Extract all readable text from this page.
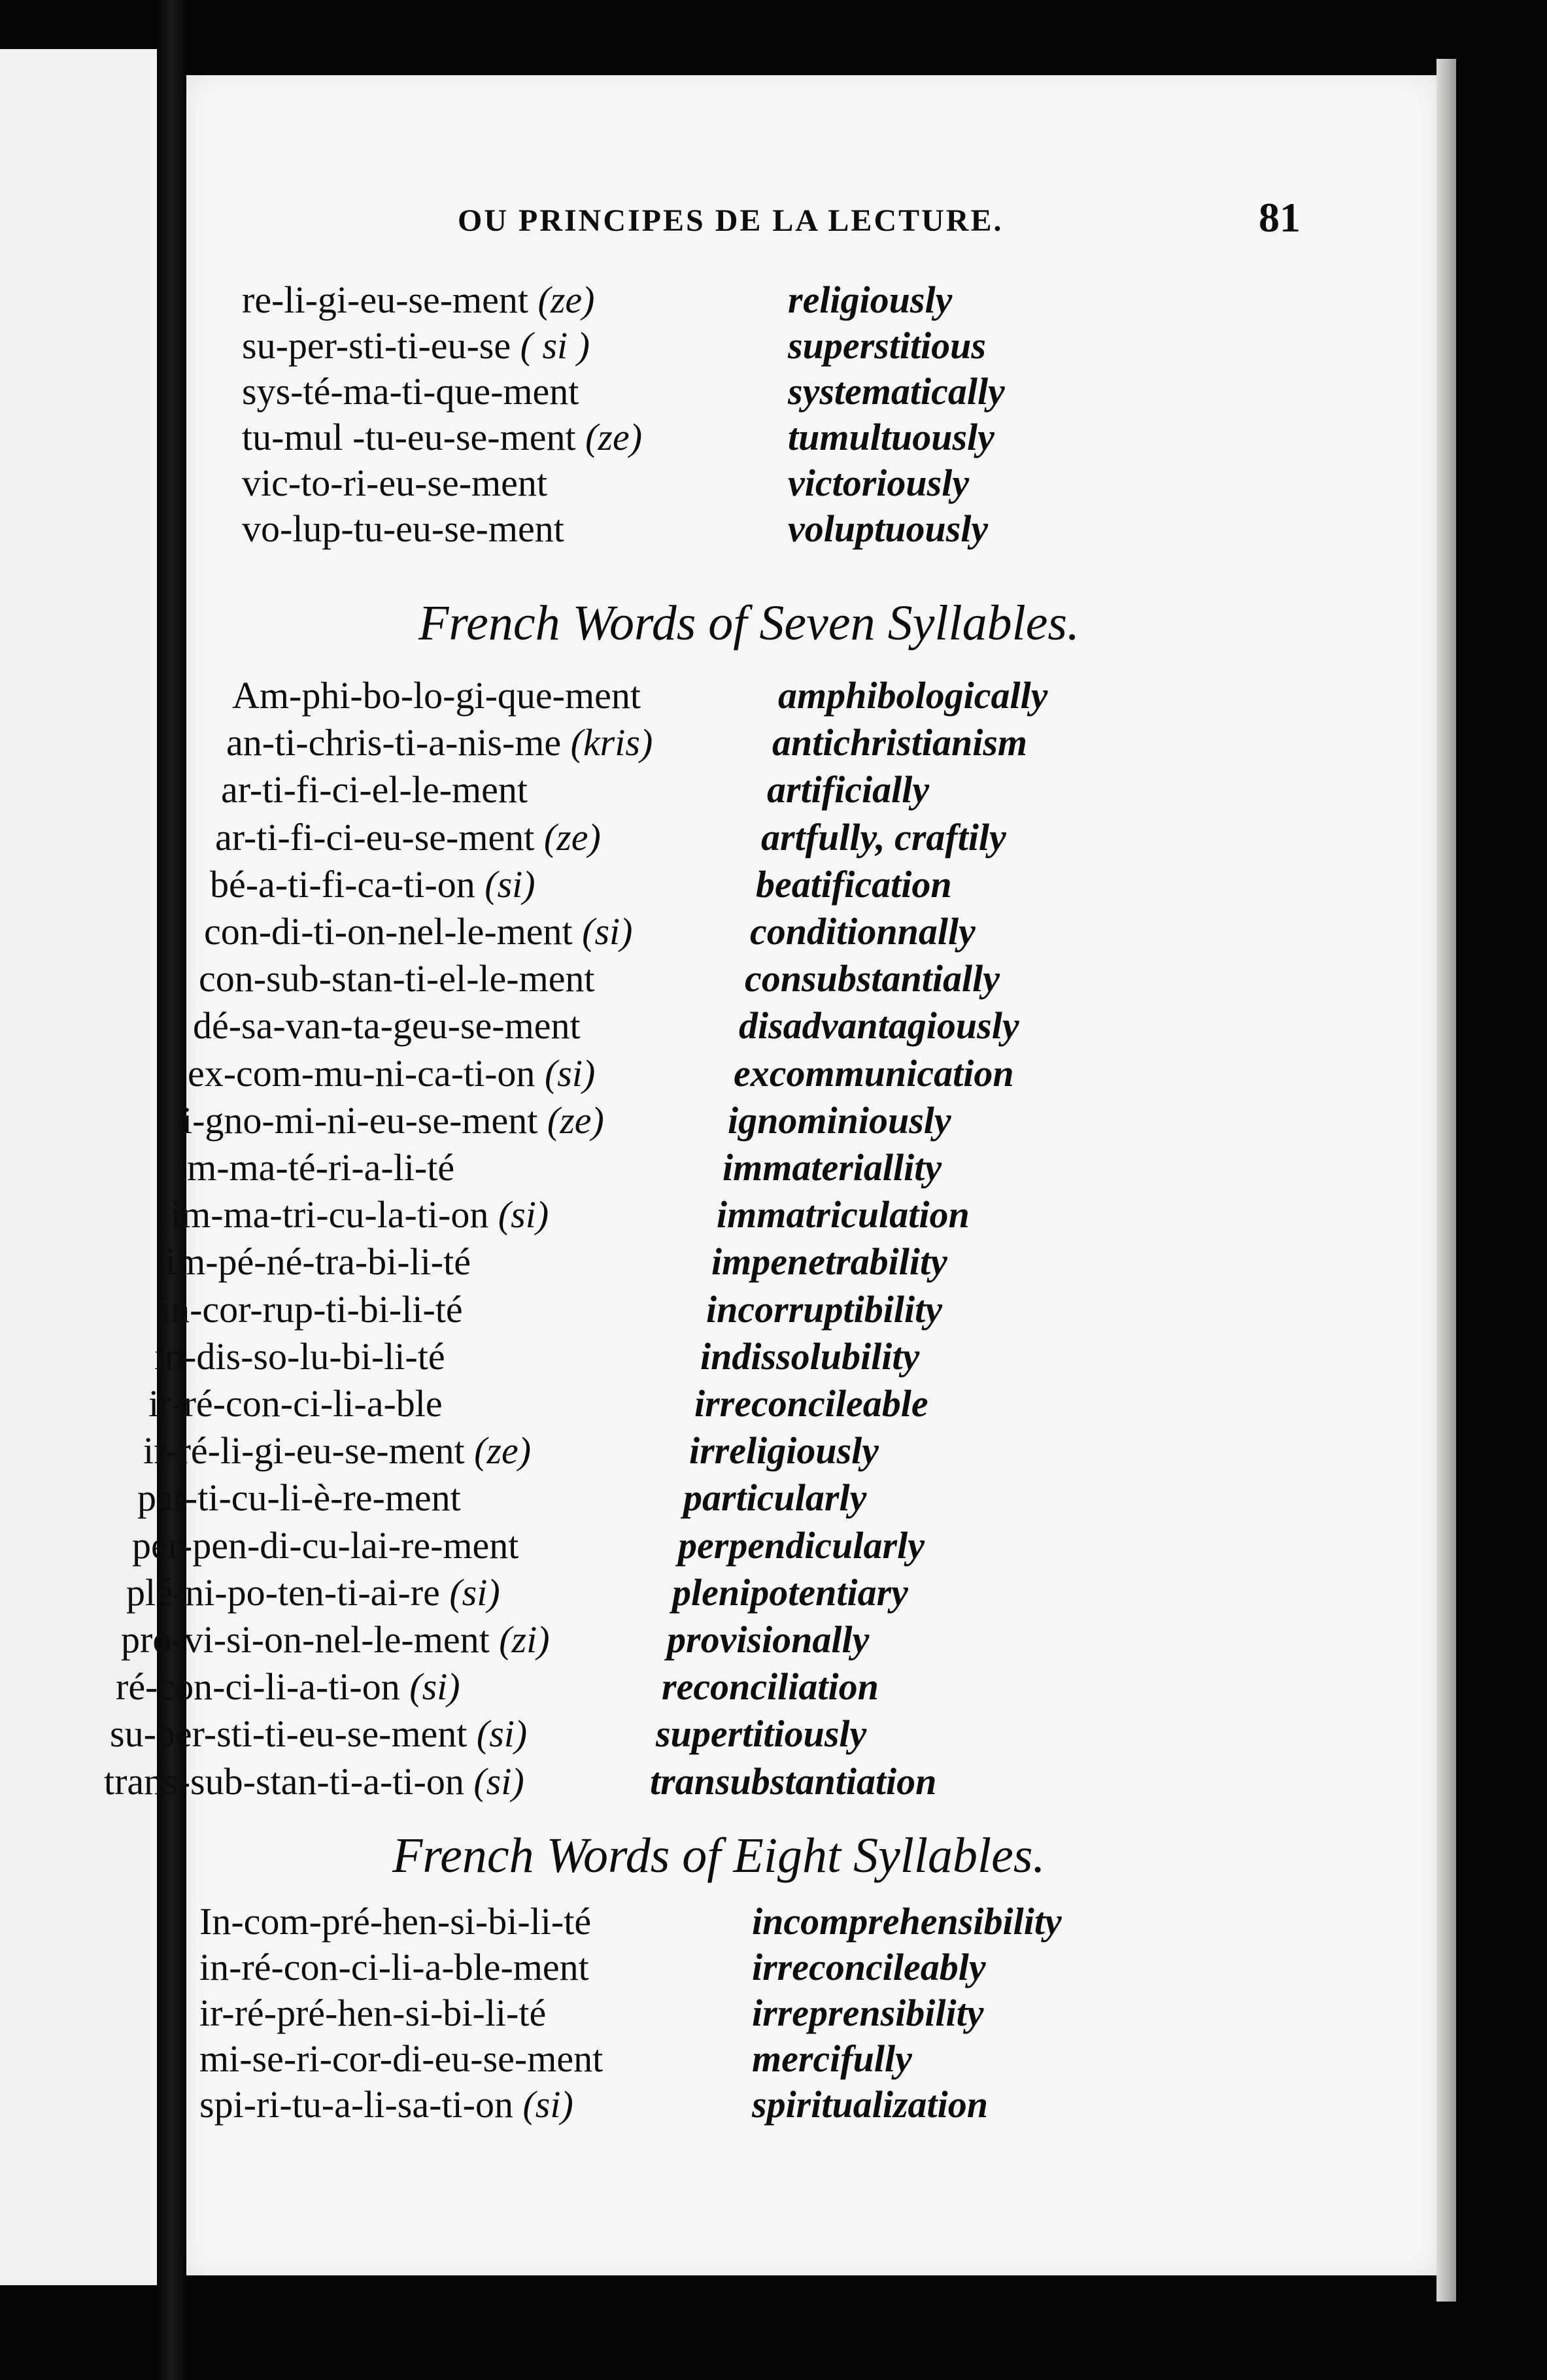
OU PRINCIPES DE LA LECTURE.	81
re-li-gi-eu-se-ment (ze)	religiously
su-per-sti-ti-eu-se ( si )	superstitious
sys-té-ma-ti-que-ment	systematically
tu-mul -tu-eu-se-ment (ze)	tumultuously
vic-to-ri-eu-se-ment	victoriously
vo-lup-tu-eu-se-ment	voluptuously
French Words of Seven Syllables.
Am-phi-bo-lo-gi-que-ment	amphibologically
an-ti-chris-ti-a-nis-me (kris)	antichristianism
ar-ti-fi-ci-el-le-ment	artificially
ar-ti-fi-ci-eu-se-ment (ze)	artfully, craftily
bé-a-ti-fi-ca-ti-on (si)	beatification
con-di-ti-on-nel-le-ment (si)	conditionnally
con-sub-stan-ti-el-le-ment	consubstantially
dé-sa-van-ta-geu-se-ment	disadvantagiously
ex-com-mu-ni-ca-ti-on (si)	excommunication
i-gno-mi-ni-eu-se-ment (ze)	ignominiously
im-ma-té-ri-a-li-té	immateriallity
im-ma-tri-cu-la-ti-on (si)	immatriculation
im-pé-né-tra-bi-li-té	impenetrability
in-cor-rup-ti-bi-li-té	incorruptibility
in-dis-so-lu-bi-li-té	indissolubility
ir-ré-con-ci-li-a-ble	irreconcileable
ir-ré-li-gi-eu-se-ment (ze)	irreligiously
par-ti-cu-li-è-re-ment	particularly
per-pen-di-cu-lai-re-ment	perpendicularly
plé-ni-po-ten-ti-ai-re (si)	plenipotentiary
pro-vi-si-on-nel-le-ment (zi)	provisionally
ré-con-ci-li-a-ti-on (si)	reconciliation
su-per-sti-ti-eu-se-ment (si)	supertitiously
trans-sub-stan-ti-a-ti-on (si)	transubstantiation
French Words of Eight Syllables.
In-com-pré-hen-si-bi-li-té	incomprehensibility
in-ré-con-ci-li-a-ble-ment	irreconcileably
ir-ré-pré-hen-si-bi-li-té	irreprensibility
mi-se-ri-cor-di-eu-se-ment	mercifully
spi-ri-tu-a-li-sa-ti-on (si)	spiritualization
